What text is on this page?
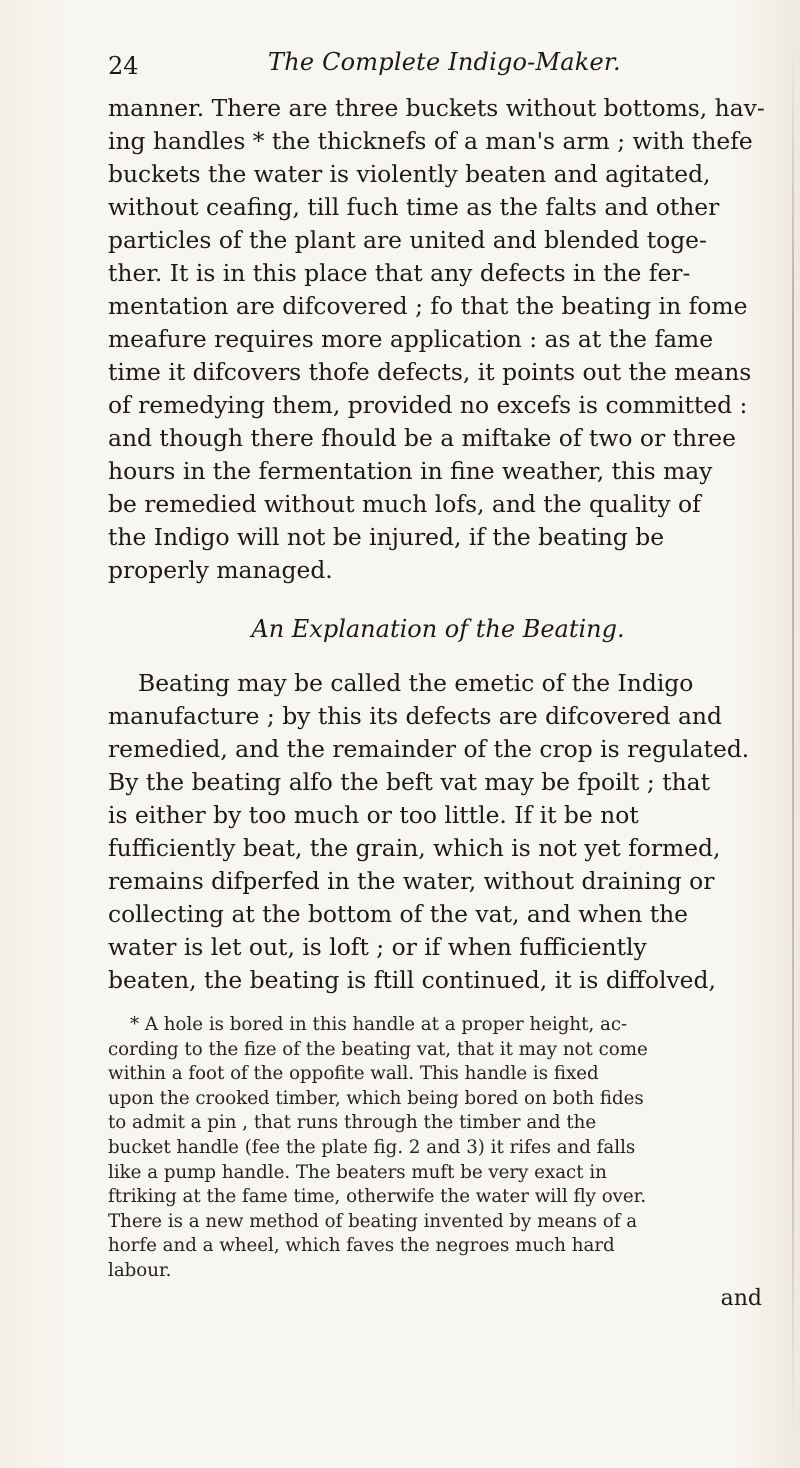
24	The Complete Indigo-Maker.
manner. There are three buckets without bottoms, hav-
ing handles * the thicknefs of a man's arm ; with thefe
buckets the water is violently beaten and agitated,
without ceafing, till fuch time as the falts and other
particles of the plant are united and blended toge-
ther. It is in this place that any defects in the fer-
mentation are difcovered ; fo that the beating in fome
meafure requires more application : as at the fame
time it difcovers thofe defects, it points out the means
of remedying them, provided no excefs is committed :
and though there fhould be a miftake of two or three
hours in the fermentation in fine weather, this may
be remedied without much lofs, and the quality of
the Indigo will not be injured, if the beating be
properly managed.
An Explanation of the Beating.
Beating may be called the emetic of the Indigo
manufacture ; by this its defects are difcovered and
remedied, and the remainder of the crop is regulated.
By the beating alfo the beft vat may be fpoilt ; that
is either by too much or too little. If it be not
fufficiently beat, the grain, which is not yet formed,
remains difperfed in the water, without draining or
collecting at the bottom of the vat, and when the
water is let out, is loft ; or if when fufficiently
beaten, the beating is ftill continued, it is diffolved,
* A hole is bored in this handle at a proper height, ac-
cording to the fize of the beating vat, that it may not come
within a foot of the oppofite wall. This handle is fixed
upon the crooked timber, which being bored on both fides
to admit a pin , that runs through the timber and the
bucket handle (fee the plate fig. 2 and 3) it rifes and falls
like a pump handle. The beaters muft be very exact in
ftriking at the fame time, otherwife the water will fly over.
There is a new method of beating invented by means of a
horfe and a wheel, which faves the negroes much hard
labour.
and
